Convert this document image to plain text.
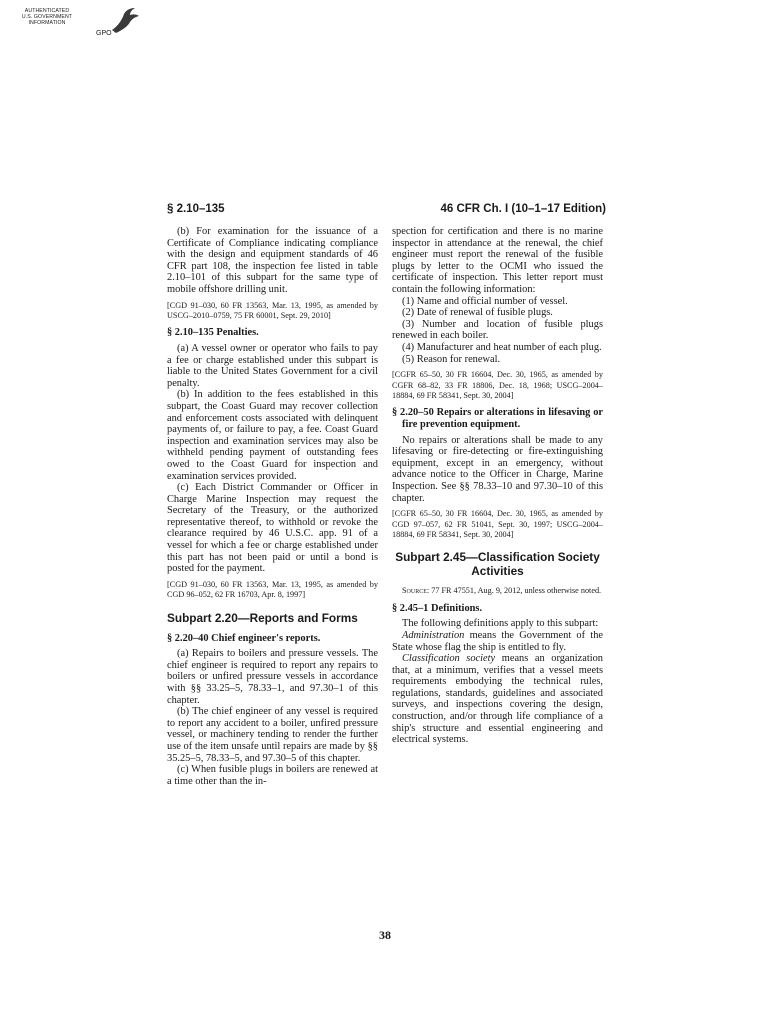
AUTHENTICATED
U.S. GOVERNMENT
INFORMATION
GPO
§ 2.10–135	46 CFR Ch. I (10–1–17 Edition)

(b) For examination for the issuance of a Certificate of Compliance indicating compliance with the design and equipment standards of 46 CFR part 108, the inspection fee listed in table 2.10–101 of this subpart for the same type of mobile offshore drilling unit.

[CGD 91–030, 60 FR 13563, Mar. 13, 1995, as amended by USCG–2010–0759, 75 FR 60001, Sept. 29, 2010]

§ 2.10–135 Penalties.

(a) A vessel owner or operator who fails to pay a fee or charge established under this subpart is liable to the United States Government for a civil penalty.

(b) In addition to the fees established in this subpart, the Coast Guard may recover collection and enforcement costs associated with delinquent payments of, or failure to pay, a fee. Coast Guard inspection and examination services may also be withheld pending payment of outstanding fees owed to the Coast Guard for inspection and examination services provided.

(c) Each District Commander or Officer in Charge Marine Inspection may request the Secretary of the Treasury, or the authorized representative thereof, to withhold or revoke the clearance required by 46 U.S.C. app. 91 of a vessel for which a fee or charge established under this part has not been paid or until a bond is posted for the payment.

[CGD 91–030, 60 FR 13563, Mar. 13, 1995, as amended by CGD 96–052, 62 FR 16703, Apr. 8, 1997]

Subpart 2.20—Reports and Forms

§ 2.20–40 Chief engineer's reports.

(a) Repairs to boilers and pressure vessels. The chief engineer is required to report any repairs to boilers or unfired pressure vessels in accordance with §§ 33.25–5, 78.33–1, and 97.30–1 of this chapter.

(b) The chief engineer of any vessel is required to report any accident to a boiler, unfired pressure vessel, or machinery tending to render the further use of the item unsafe until repairs are made by §§ 35.25–5, 78.33–5, and 97.30–5 of this chapter.

(c) When fusible plugs in boilers are renewed at a time other than the in-

spection for certification and there is no marine inspector in attendance at the renewal, the chief engineer must report the renewal of the fusible plugs by letter to the OCMI who issued the certificate of inspection. This letter report must contain the following information:

(1) Name and official number of vessel.

(2) Date of renewal of fusible plugs.

(3) Number and location of fusible plugs renewed in each boiler.

(4) Manufacturer and heat number of each plug.

(5) Reason for renewal.

[CGFR 65–50, 30 FR 16604, Dec. 30, 1965, as amended by CGFR 68–82, 33 FR 18806, Dec. 18, 1968; USCG–2004–18884, 69 FR 58341, Sept. 30, 2004]

§ 2.20–50 Repairs or alterations in lifesaving or fire prevention equipment.

No repairs or alterations shall be made to any lifesaving or fire-detecting or fire-extinguishing equipment, except in an emergency, without advance notice to the Officer in Charge, Marine Inspection. See §§ 78.33–10 and 97.30–10 of this chapter.

[CGFR 65–50, 30 FR 16604, Dec. 30, 1965, as amended by CGD 97–057, 62 FR 51041, Sept. 30, 1997; USCG–2004–18884, 69 FR 58341, Sept. 30, 2004]

Subpart 2.45—Classification Society Activities

Source: 77 FR 47551, Aug. 9, 2012, unless otherwise noted.

§ 2.45–1 Definitions.

The following definitions apply to this subpart:

Administration means the Government of the State whose flag the ship is entitled to fly.

Classification society means an organization that, at a minimum, verifies that a vessel meets requirements embodying the technical rules, regulations, standards, guidelines and associated surveys, and inspections covering the design, construction, and/or through life compliance of a ship's structure and essential engineering and electrical systems.

38
